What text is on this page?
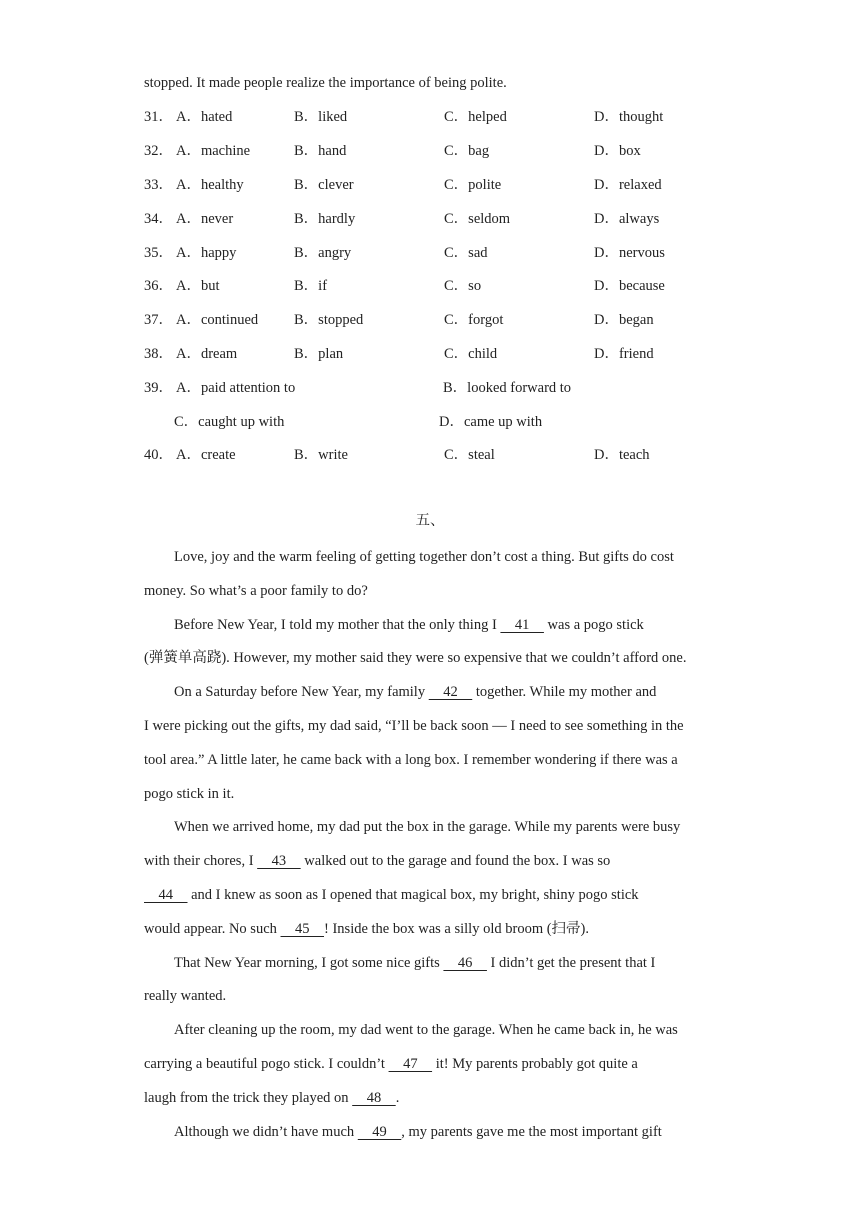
stopped. It made people realize the importance of being polite.
31． A．hated	B．liked	C．helped	D．thought
32． A．machine	B．hand	C．bag	D．box
33． A．healthy	B．clever	C．polite	D．relaxed
34． A．never	B．hardly	C．seldom	D．always
35． A．happy	B．angry	C．sad	D．nervous
36． A．but	B．if	C．so	D．because
37． A．continued B．stopped	C．forgot	D．began
38． A．dream	B．plan	C．child	D．friend
39． A．paid attention to	B．looked forward to
C．caught up with	D．came up with
40． A．create	B．write	C．steal	D．teach
五、
Love, joy and the warm feeling of getting together don’t cost a thing. But gifts do cost
money. So what’s a poor family to do?
Before New Year, I told my mother that the only thing I     41     was a pogo stick
(弹簧单高跷). However, my mother said they were so expensive that we couldn’t afford one.
On a Saturday before New Year, my family     42     together. While my mother and
I were picking out the gifts, my dad said, “I’ll be back soon — I need to see something in the
tool area.” A little later, he came back with a long box. I remember wondering if there was a
pogo stick in it.
When we arrived home, my dad put the box in the garage. While my parents were busy
with their chores, I     43     walked out to the garage and found the box. I was so
44     and I knew as soon as I opened that magical box, my bright, shiny pogo stick
would appear. No such     45    ! Inside the box was a silly old broom (扫帚).
That New Year morning, I got some nice gifts     46     I didn’t get the present that I
really wanted.
After cleaning up the room, my dad went to the garage. When he came back in, he was
carrying a beautiful pogo stick. I couldn’t     47     it! My parents probably got quite a
laugh from the trick they played on     48    .
Although we didn’t have much     49    , my parents gave me the most important gift
